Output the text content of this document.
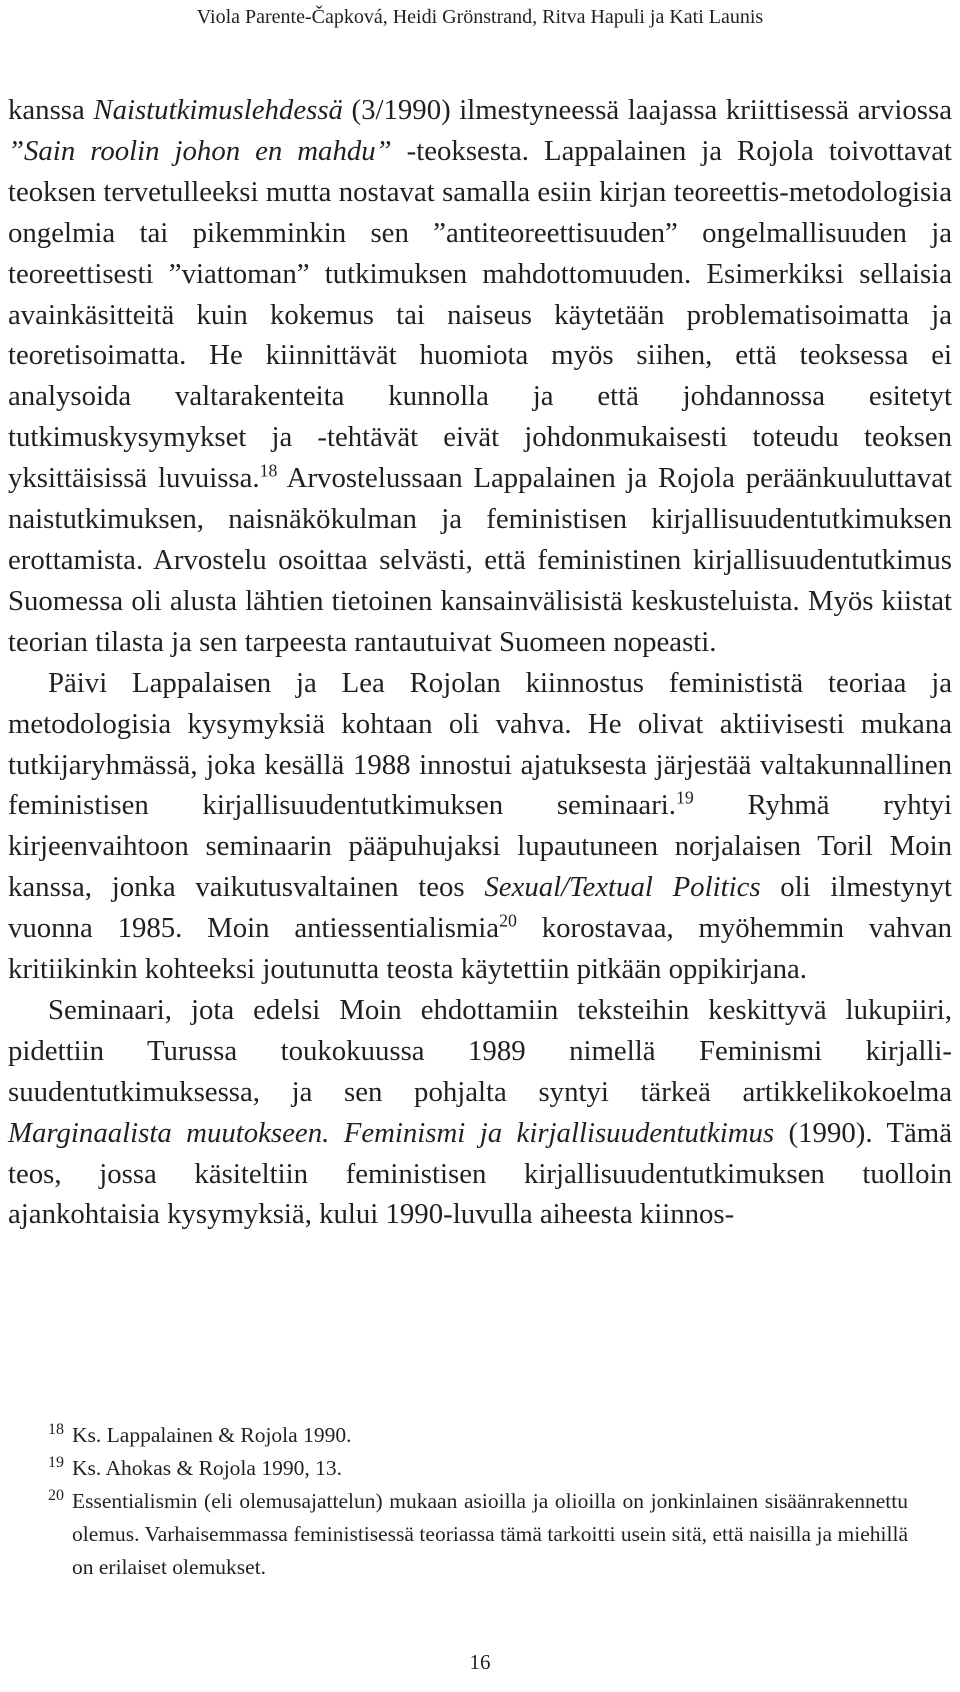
Viola Parente-Čapková, Heidi Grönstrand, Ritva Hapuli ja Kati Launis

kanssa Naistutkimuslehdessä (3/1990) ilmestyneessä laajassa kriittisessä arviossa ”Sain roolin johon en mahdu” -teoksesta. Lappalainen ja Rojola toivottavat teoksen tervetulleeksi mutta nostavat samalla esiin kirjan teoreettis-metodologisia ongelmia tai pikemminkin sen ”antiteoreettisuuden” ongelmallisuuden ja teoreettisesti ”viattoman” tutkimuksen mahdottomuuden. Esimerkiksi sellaisia avainkäsitteitä kuin kokemus tai naiseus käytetään problematisoimatta ja teoretisoimatta. He kiinnittävät huomiota myös siihen, että teoksessa ei analysoida valtarakenteita kunnolla ja että johdannossa esitetyt tutkimuskysymykset ja -tehtävät eivät johdonmukaisesti toteudu teoksen yksittäisissä luvuissa.$^{18}$ Arvostelussaan Lappalainen ja Rojola peräänkuuluttavat naistutkimuksen, naisnäkökulman ja feministisen kirjallisuudentutkimuksen erottamista. Arvostelu osoittaa selvästi, että feministinen kirjallisuudentutkimus Suomessa oli alusta lähtien tietoinen kansainvälisistä keskusteluista. Myös kiistat teorian tilasta ja sen tarpeesta rantautuivat Suomeen nopeasti.

Päivi Lappalaisen ja Lea Rojolan kiinnostus feminististä teoriaa ja metodologisia kysymyksiä kohtaan oli vahva. He olivat aktiivisesti mukana tutkijaryhmässä, joka kesällä 1988 innostui ajatuksesta järjestää valtakunnallinen feministisen kirjallisuudentutkimuksen seminaari.$^{19}$ Ryhmä ryhtyi kirjeenvaihtoon seminaarin pääpuhujaksi lupautuneen norjalaisen Toril Moin kanssa, jonka vaikutusvaltainen teos Sexual/​Textual Politics oli ilmestynyt vuonna 1985. Moin antiessentialismia$^{20}$ korostavaa, myöhemmin vahvan kritiikinkin kohteeksi joutunutta teosta käytettiin pitkään oppikirjana.

Seminaari, jota edelsi Moin ehdottamiin teksteihin keskittyvä lukupiiri, pidettiin Turussa toukokuussa 1989 nimellä Feminismi kirjallisuudentutkimuksessa, ja sen pohjalta syntyi tärkeä artikkelikokoelma Marginaalista muutokseen. Feminismi ja kirjallisuudentutkimus (1990). Tämä teos, jossa käsiteltiin feministisen kirjallisuudentutkimuksen tuolloin ajankohtaisia kysymyksiä, kului 1990-luvulla aiheesta kiinnos-

18 Ks. Lappalainen & Rojola 1990.
19 Ks. Ahokas & Rojola 1990, 13.
20 Essentialismin (eli olemusajattelun) mukaan asioilla ja olioilla on jonkinlainen sisäänrakennettu olemus. Varhaisemmassa feministisessä teoriassa tämä tarkoitti usein sitä, että naisilla ja miehillä on erilaiset olemukset.
16
